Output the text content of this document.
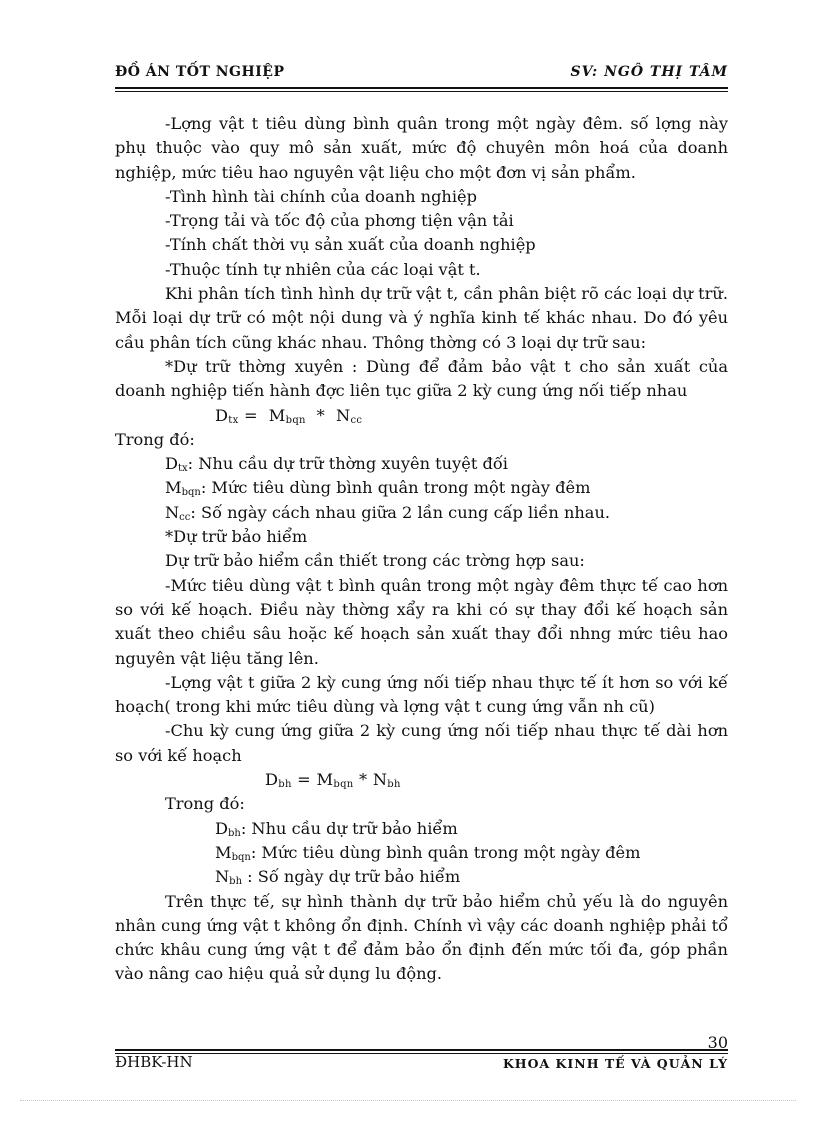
ĐỒ ÁN TỐT NGHIỆP	SV: NGÔ THỊ TÂM

-Lợng vật t tiêu dùng bình quân trong một ngày đêm. số lợng này phụ thuộc vào quy mô sản xuất, mức độ chuyên môn hoá của doanh nghiệp, mức tiêu hao nguyên vật liệu cho một đơn vị sản phẩm.

-Tình hình tài chính của doanh nghiệp

-Trọng tải và tốc độ của phơng tiện vận tải

-Tính chất thời vụ sản xuất của doanh nghiệp

-Thuộc tính tự nhiên của các loại vật t.

Khi phân tích tình hình dự trữ vật t, cần phân biệt rõ các loại dự trữ. Mỗi loại dự trữ có một nội dung và ý nghĩa kinh tế khác nhau. Do đó yêu cầu phân tích cũng khác nhau. Thông thờng có 3 loại dự trữ sau:

*Dự trữ thờng xuyên : Dùng để đảm bảo vật t cho sản xuất của doanh nghiệp tiến hành đợc liên tục giữa 2 kỳ cung ứng nối tiếp nhau

$D_{tx} = M_{bqn} * N_{cc}$

Trong đó:

$D_{tx}$: Nhu cầu dự trữ thờng xuyên tuyệt đối

$M_{bqn}$: Mức tiêu dùng bình quân trong một ngày đêm

$N_{cc}$: Số ngày cách nhau giữa 2 lần cung cấp liền nhau.

*Dự trữ bảo hiểm

Dự trữ bảo hiểm cần thiết trong các trờng hợp sau:

-Mức tiêu dùng vật t bình quân trong một ngày đêm thực tế cao hơn so với kế hoạch. Điều này thờng xẩy ra khi có sự thay đổi kế hoạch sản xuất theo chiều sâu hoặc kế hoạch sản xuất thay đổi nhng mức tiêu hao nguyên vật liệu tăng lên.

-Lợng vật t giữa 2 kỳ cung ứng nối tiếp nhau thực tế ít hơn so với kế hoạch( trong khi mức tiêu dùng và lợng vật t cung ứng vẫn nh cũ)

-Chu kỳ cung ứng giữa 2 kỳ cung ứng nối tiếp nhau thực tế dài hơn so với kế hoạch

$D_{bh} = M_{bqn} * N_{bh}$

Trong đó:

$D_{bh}$: Nhu cầu dự trữ bảo hiểm

$M_{bqn}$: Mức tiêu dùng bình quân trong một ngày đêm

$N_{bh}$ : Số ngày dự trữ bảo hiểm

Trên thực tế, sự hình thành dự trữ bảo hiểm chủ yếu là do nguyên nhân cung ứng vật t không ổn định. Chính vì vậy các doanh nghiệp phải tổ chức khâu cung ứng vật t để đảm bảo ổn định đến mức tối đa, góp phần vào nâng cao hiệu quả sử dụng lu động.

30
ĐHBK-HN	KHOA KINH TẾ VÀ QUẢN LÝ
